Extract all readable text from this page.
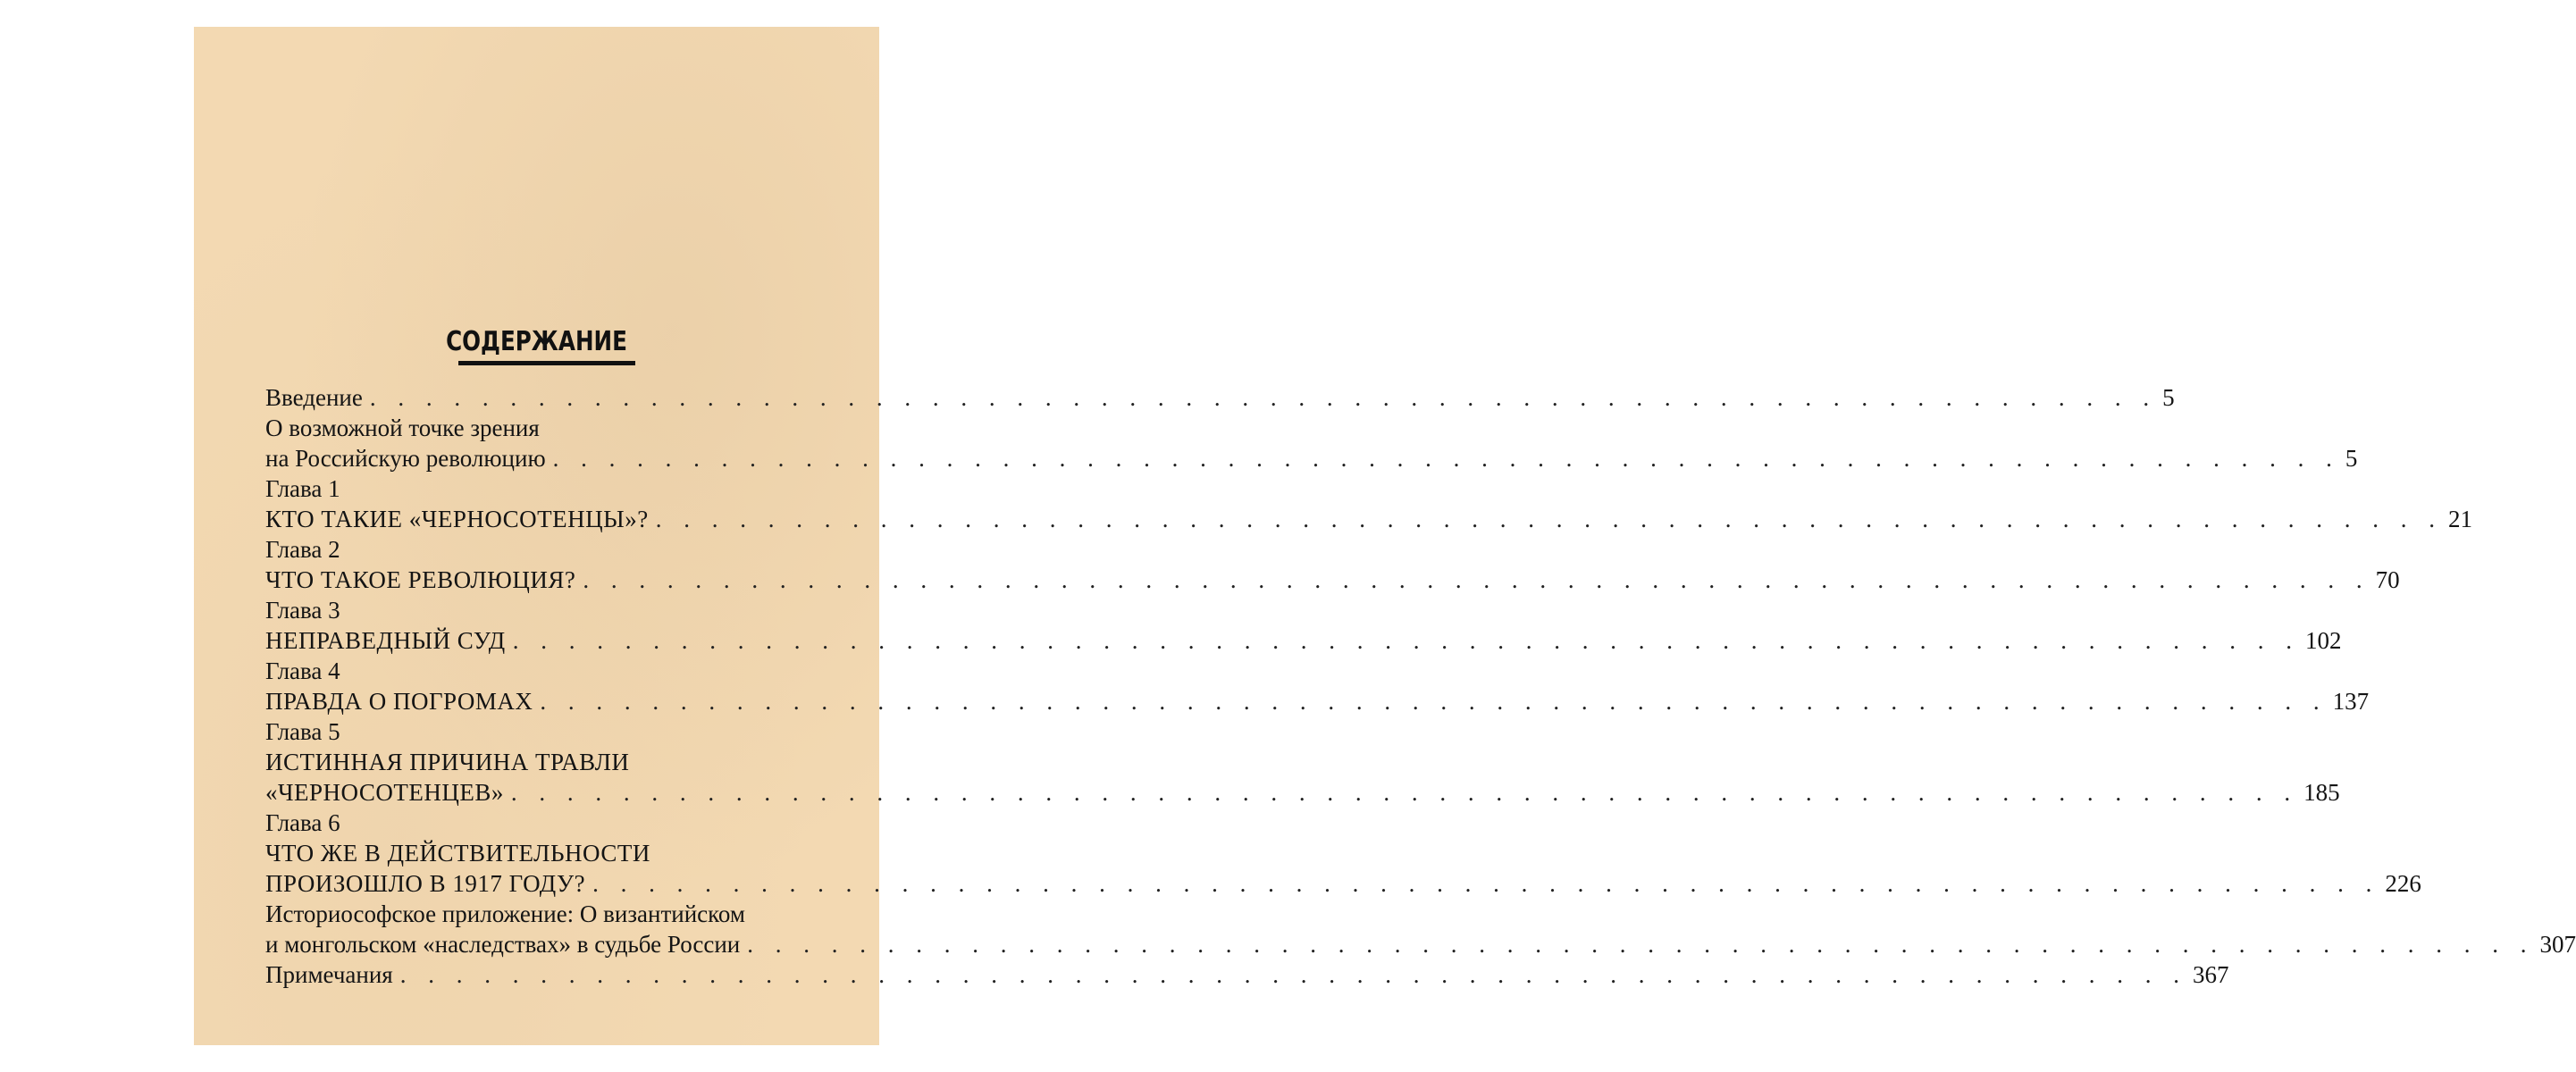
СОДЕРЖАНИЕ
Введение . . . . . . . . . . . . . . . . . . . . . . . . . . . . . . . . . . . . . . . . . . . . . . . . . . . . . . . . . . . . . . . . 5
О возможной точке зрения
на Российскую революцию . . . . . . . . . . . . . . . . . . . . . . . . . . . . . . . . . . . . . . . . . . . . . . . . . . . . . . . . . . . . . . . . 5
Глава 1
КТО ТАКИЕ «ЧЕРНОСОТЕНЦЫ»? . . . . . . . . . . . . . . . . . . . . . . . . . . . . . . . . . . . . . . . . . . . . . . . . . . . . . . . . . . . . . . . . 21
Глава 2
ЧТО ТАКОЕ РЕВОЛЮЦИЯ? . . . . . . . . . . . . . . . . . . . . . . . . . . . . . . . . . . . . . . . . . . . . . . . . . . . . . . . . . . . . . . . . 70
Глава 3
НЕПРАВЕДНЫЙ СУД . . . . . . . . . . . . . . . . . . . . . . . . . . . . . . . . . . . . . . . . . . . . . . . . . . . . . . . . . . . . . . . . 102
Глава 4
ПРАВДА О ПОГРОМАХ . . . . . . . . . . . . . . . . . . . . . . . . . . . . . . . . . . . . . . . . . . . . . . . . . . . . . . . . . . . . . . . . 137
Глава 5
ИСТИННАЯ ПРИЧИНА ТРАВЛИ
«ЧЕРНОСОТЕНЦЕВ» . . . . . . . . . . . . . . . . . . . . . . . . . . . . . . . . . . . . . . . . . . . . . . . . . . . . . . . . . . . . . . . . 185
Глава 6
ЧТО ЖЕ В ДЕЙСТВИТЕЛЬНОСТИ
ПРОИЗОШЛО В 1917 ГОДУ? . . . . . . . . . . . . . . . . . . . . . . . . . . . . . . . . . . . . . . . . . . . . . . . . . . . . . . . . . . . . . . . . 226
Историософское приложение: О византийском
и монгольском «наследствах» в судьбе России . . . . . . . . . . . . . . . . . . . . . . . . . . . . . . . . . . . . . . . . . . . . . . . . . . . . . . . . . . . . . . . . 307
Примечания . . . . . . . . . . . . . . . . . . . . . . . . . . . . . . . . . . . . . . . . . . . . . . . . . . . . . . . . . . . . . . . . 367
